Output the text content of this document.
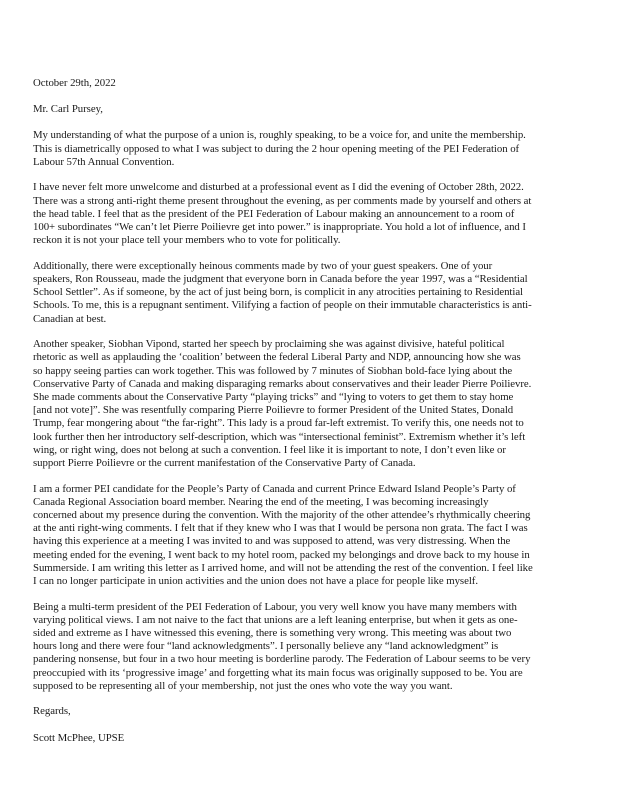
October 29th, 2022

Mr. Carl Pursey,

My understanding of what the purpose of a union is, roughly speaking, to be a voice for, and unite the membership.

This is diametrically opposed to what I was subject to during the 2 hour opening meeting of the PEI Federation of

Labour 57th Annual Convention.

I have never felt more unwelcome and disturbed at a professional event as I did the evening of October 28th, 2022.

There was a strong anti-right theme present throughout the evening, as per comments made by yourself and others at

the head table. I feel that as the president of the PEI Federation of Labour making an announcement to a room of

100+ subordinates “We can’t let Pierre Poilievre get into power.” is inappropriate. You hold a lot of influence, and I

reckon it is not your place tell your members who to vote for politically.

Additionally, there were exceptionally heinous comments made by two of your guest speakers. One of your

speakers, Ron Rousseau, made the judgment that everyone born in Canada before the year 1997, was a “Residential

School Settler”. As if someone, by the act of just being born, is complicit in any atrocities pertaining to Residential

Schools. To me, this is a repugnant sentiment. Vilifying a faction of people on their immutable characteristics is anti-

Canadian at best.

Another speaker, Siobhan Vipond, started her speech by proclaiming she was against divisive, hateful political

rhetoric as well as applauding the ‘coalition’ between the federal Liberal Party and NDP, announcing how she was

so happy seeing parties can work together. This was followed by 7 minutes of Siobhan bold-face lying about the

Conservative Party of Canada and making disparaging remarks about conservatives and their leader Pierre Poilievre.

She made comments about the Conservative Party “playing tricks” and “lying to voters to get them to stay home

[and not vote]”. She was resentfully comparing Pierre Poilievre to former President of the United States, Donald

Trump, fear mongering about “the far-right”. This lady is a proud far-left extremist. To verify this, one needs not to

look further then her introductory self-description, which was “intersectional feminist”. Extremism whether it’s left

wing, or right wing, does not belong at such a convention. I feel like it is important to note, I don’t even like or

support Pierre Poilievre or the current manifestation of the Conservative Party of Canada.

I am a former PEI candidate for the People’s Party of Canada and current Prince Edward Island People’s Party of

Canada Regional Association board member. Nearing the end of the meeting, I was becoming increasingly

concerned about my presence during the convention. With the majority of the other attendee’s rhythmically cheering

at the anti right-wing comments. I felt that if they knew who I was that I would be persona non grata. The fact I was

having this experience at a meeting I was invited to and was supposed to attend, was very distressing. When the

meeting ended for the evening, I went back to my hotel room, packed my belongings and drove back to my house in

Summerside. I am writing this letter as I arrived home, and will not be attending the rest of the convention. I feel like

I can no longer participate in union activities and the union does not have a place for people like myself.

Being a multi-term president of the PEI Federation of Labour, you very well know you have many members with

varying political views. I am not naive to the fact that unions are a left leaning enterprise, but when it gets as one-

sided and extreme as I have witnessed this evening, there is something very wrong. This meeting was about two

hours long and there were four “land acknowledgments”. I personally believe any “land acknowledgment” is

pandering nonsense, but four in a two hour meeting is borderline parody. The Federation of Labour seems to be very

preoccupied with its ‘progressive image’ and forgetting what its main focus was originally supposed to be. You are

supposed to be representing all of your membership, not just the ones who vote the way you want.

Regards,

Scott McPhee, UPSE
